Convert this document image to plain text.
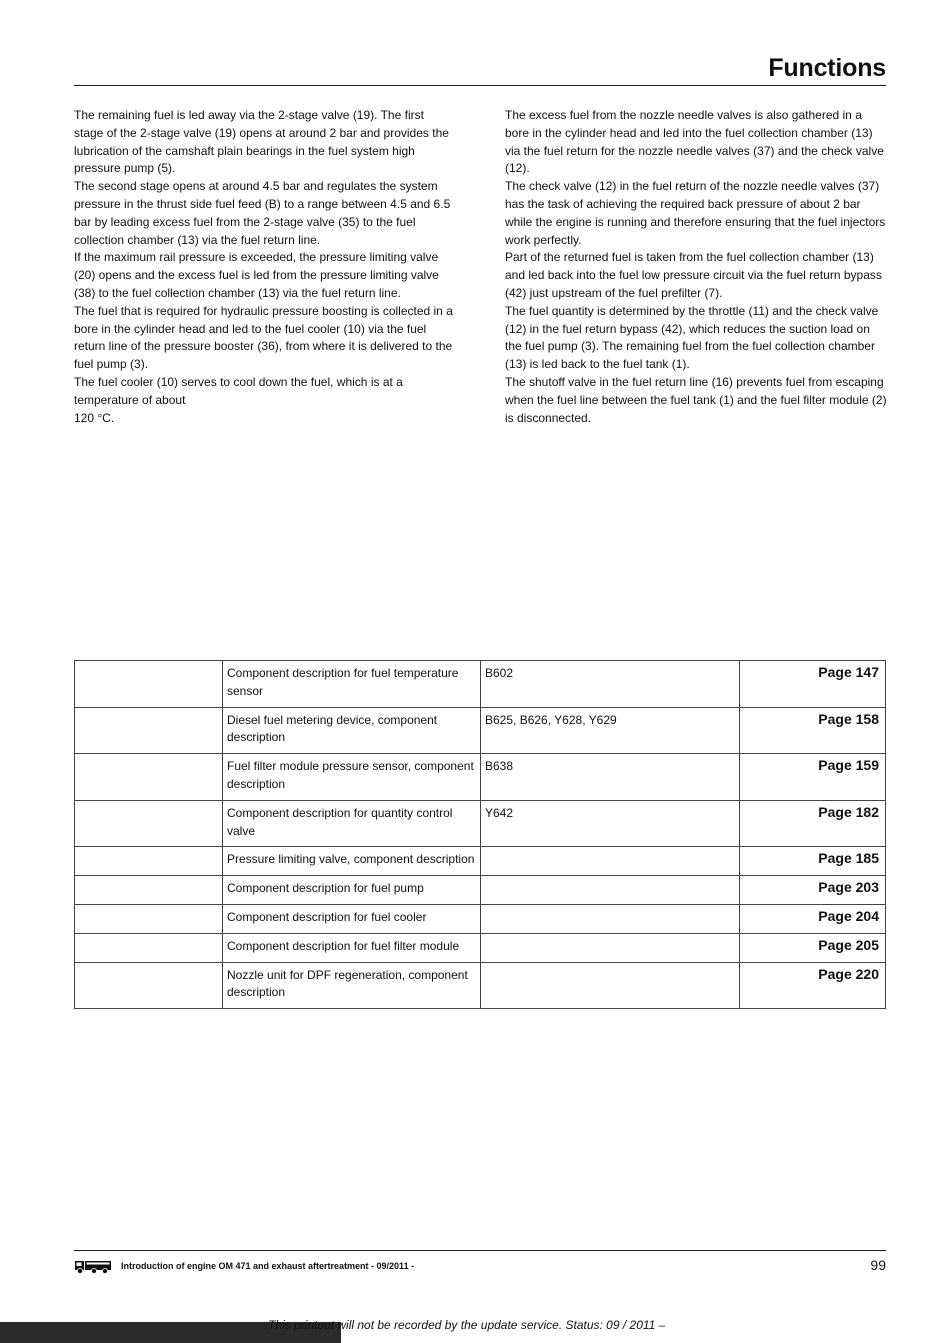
Functions

The remaining fuel is led away via the 2-stage valve (19). The first stage of the 2-stage valve (19) opens at around 2 bar and provides the lubrication of the camshaft plain bearings in the fuel system high pressure pump (5).

The second stage opens at around 4.5 bar and regulates the system pressure in the thrust side fuel feed (B) to a range between 4.5 and 6.5 bar by leading excess fuel from the 2-stage valve (35) to the fuel collection chamber (13) via the fuel return line.

If the maximum rail pressure is exceeded, the pressure limiting valve (20) opens and the excess fuel is led from the pressure limiting valve (38) to the fuel collection chamber (13) via the fuel return line.

The fuel that is required for hydraulic pressure boosting is collected in a bore in the cylinder head and led to the fuel cooler (10) via the fuel return line of the pressure booster (36), from where it is delivered to the fuel pump (3).

The fuel cooler (10) serves to cool down the fuel, which is at a temperature of about

120 °C.

The excess fuel from the nozzle needle valves is also gathered in a bore in the cylinder head and led into the fuel collection chamber (13) via the fuel return for the nozzle needle valves (37) and the check valve (12).

The check valve (12) in the fuel return of the nozzle needle valves (37) has the task of achieving the required back pressure of about 2 bar while the engine is running and therefore ensuring that the fuel injectors work perfectly.

Part of the returned fuel is taken from the fuel collection chamber (13) and led back into the fuel low pressure circuit via the fuel return bypass (42) just upstream of the fuel prefilter (7).

The fuel quantity is determined by the throttle (11) and the check valve (12) in the fuel return bypass (42), which reduces the suction load on the fuel pump (3). The remaining fuel from the fuel collection chamber (13) is led back to the fuel tank (1).

The shutoff valve in the fuel return line (16) prevents fuel from escaping when the fuel line between the fuel tank (1) and the fuel filter module (2) is disconnected.

	Component description for fuel temperature sensor	B602	Page 147
	Diesel fuel metering device, component description	B625, B626, Y628, Y629	Page 158
	Fuel filter module pressure sensor, component description	B638	Page 159
	Component description for quantity control valve	Y642	Page 182
	Pressure limiting valve, component description		Page 185
	Component description for fuel pump		Page 203
	Component description for fuel cooler		Page 204
	Component description for fuel filter module		Page 205
	Nozzle unit for DPF regeneration, component description		Page 220
Introduction of engine OM 471 and exhaust aftertreatment - 09/2011 -	99
This printout will not be recorded by the update service. Status: 09 / 2011 –
